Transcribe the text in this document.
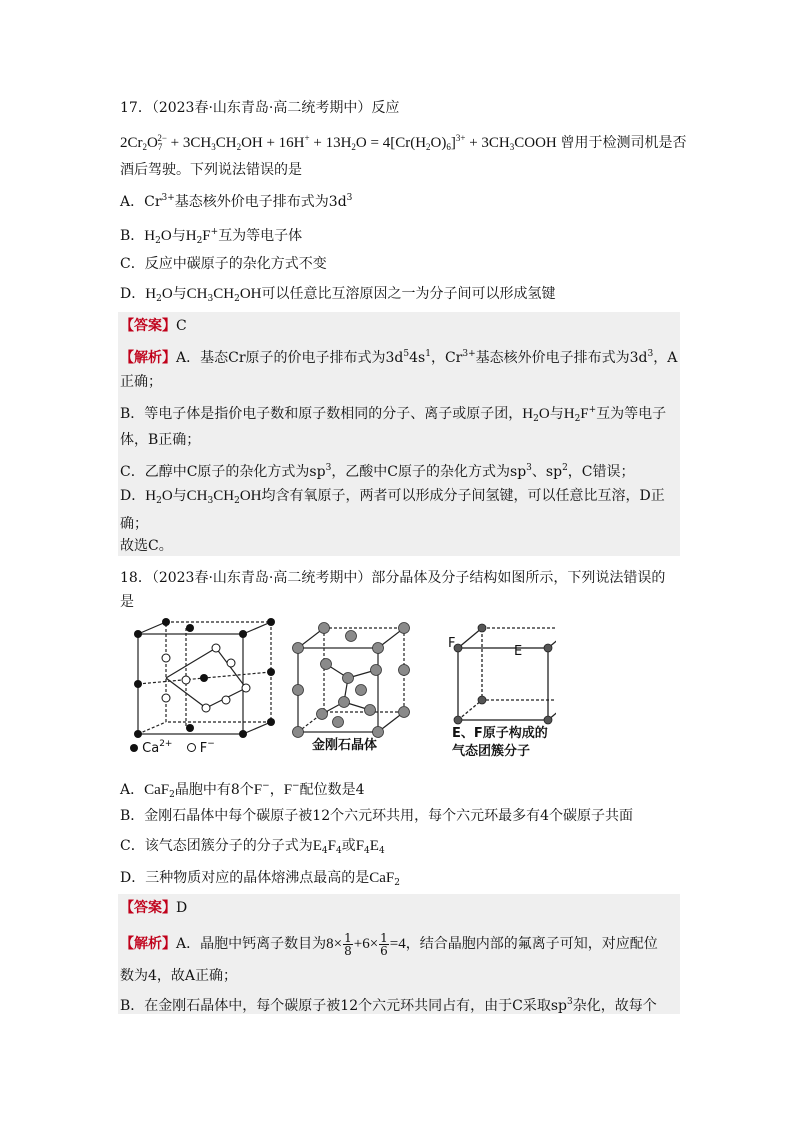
17．（2023春·山东青岛·高二统考期中）反应
$2Cr_2O_7^{2-} + 3CH_3CH_2OH + 16H^+ + 13H_2O = 4[Cr(H_2O)_6]^{3+}$ + $3CH_3COOH$ 曾用于检测司机是否
酒后驾驶。下列说法错误的是
A．$Cr^{3+}$基态核外价电子排布式为$3d^3$
B．$H_2O$与$H_2F^+$互为等电子体
C．反应中碳原子的杂化方式不变
D．$H_2O$与$CH_3CH_2OH$可以任意比互溶原因之一为分子间可以形成氢键
【答案】C
【解析】A．基态Cr原子的价电子排布式为$3d^54s^1$，$Cr^{3+}$基态核外价电子排布式为$3d^3$，A
正确；
B．等电子体是指价电子数和原子数相同的分子、离子或原子团，$H_2O$与$H_2F^+$互为等电子
体，B正确；
C．乙醇中C原子的杂化方式为$sp^3$，乙酸中C原子的杂化方式为$sp^3$、$sp^2$，C错误；
D．$H_2O$与$CH_3CH_2OH$均含有氧原子，两者可以形成分子间氢键，可以任意比互溶，D正
确；
故选C。
18．（2023春·山东青岛·高二统考期中）部分晶体及分子结构如图所示，下列说法错误的
是
$Ca^{2+}$ F−	金刚石晶体
F
E
E、F原子构成的
气态团簇分子
A．CaF$_2$晶胞中有8个F−，F−配位数是4
B．金刚石晶体中每个碳原子被12个六元环共用，每个六元环最多有4个碳原子共面
C．该气态团簇分子的分子式为$E_4F_4$或$F_4E_4$
D．三种物质对应的晶体熔沸点最高的是CaF$_2$
【答案】D
【解析】A．晶胞中钙离子数目为$8\times \frac{1}{8} +6\times \frac{1}{6} =4$，结合晶胞内部的氟离子可知，对应配位
数为4，故A正确；
B．在金刚石晶体中，每个碳原子被12个六元环共同占有，由于C采取$sp^3$杂化，故每个
